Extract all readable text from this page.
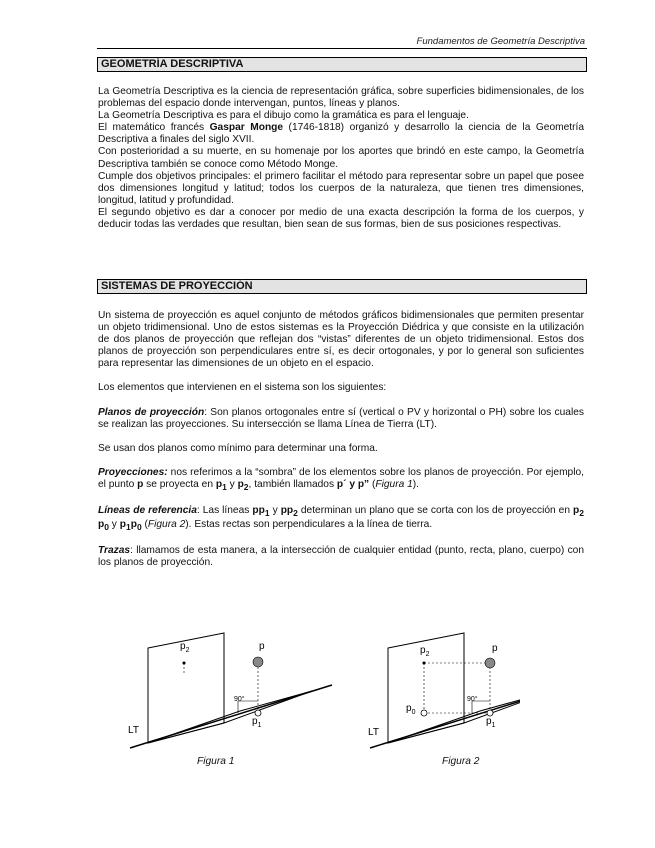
Fundamentos de Geometría Descriptiva
GEOMETRÍA DESCRIPTIVA

La Geometría Descriptiva es la ciencia de representación gráfica, sobre superficies bidimensionales, de los problemas del espacio donde intervengan, puntos, líneas y planos.

La Geometría Descriptiva es para el dibujo como la gramática es para el lenguaje.

El matemático francés Gaspar Monge (1746-1818) organizó y desarrollo la ciencia de la Geometría Descriptiva a finales del siglo XVII.

Con posterioridad a su muerte, en su homenaje por los aportes que brindó en este campo, la Geometría Descriptiva también se conoce como Método Monge.

Cumple dos objetivos principales: el primero facilitar el método para representar sobre un papel que posee dos dimensiones longitud y latitud; todos los cuerpos de la naturaleza, que tienen tres dimensiones, longitud, latitud y profundidad.

El segundo objetivo es dar a conocer por medio de una exacta descripción la forma de los cuerpos, y deducir todas las verdades que resultan, bien sean de sus formas, bien de sus posiciones respectivas.

SISTEMAS DE PROYECCIÓN

Un sistema de proyección es aquel conjunto de métodos gráficos bidimensionales que permiten presentar un objeto tridimensional. Uno de estos sistemas es la Proyección Diédrica y que consiste en la utilización de dos planos de proyección que reflejan dos “vistas” diferentes de un objeto tridimensional. Estos dos planos de proyección son perpendiculares entre sí, es decir ortogonales, y por lo general son suficientes para representar las dimensiones de un objeto en el espacio.

Los elementos que intervienen en el sistema son los siguientes:

Planos de proyección: Son planos ortogonales entre sí (vertical o PV y horizontal o PH) sobre los cuales se realizan las proyecciones. Su intersección se llama Línea de Tierra (LT).

Se usan dos planos como mínimo para determinar una forma.

Proyecciones: nos referimos a la “sombra” de los elementos sobre los planos de proyección. Por ejemplo, el punto p se proyecta en $p_1$ y $p_2$, también llamados p´ y p” (Figura 1).

Líneas de referencia: Las líneas $pp_1$ y $pp_2$ determinan un plano que se corta con los de proyección en $p_2$ $p_0$ y $p_1p_0$ (Figura 2). Estas rectas son perpendiculares a la línea de tierra.

Trazas: llamamos de esta manera, a la intersección de cualquier entidad (punto, recta, plano, cuerpo) con los planos de proyección.

$p_2$	p
$p_1$
90°
LT
$p_2$
p
$p_0$
$p_1$
90°
LT
Figura 1	Figura 2
